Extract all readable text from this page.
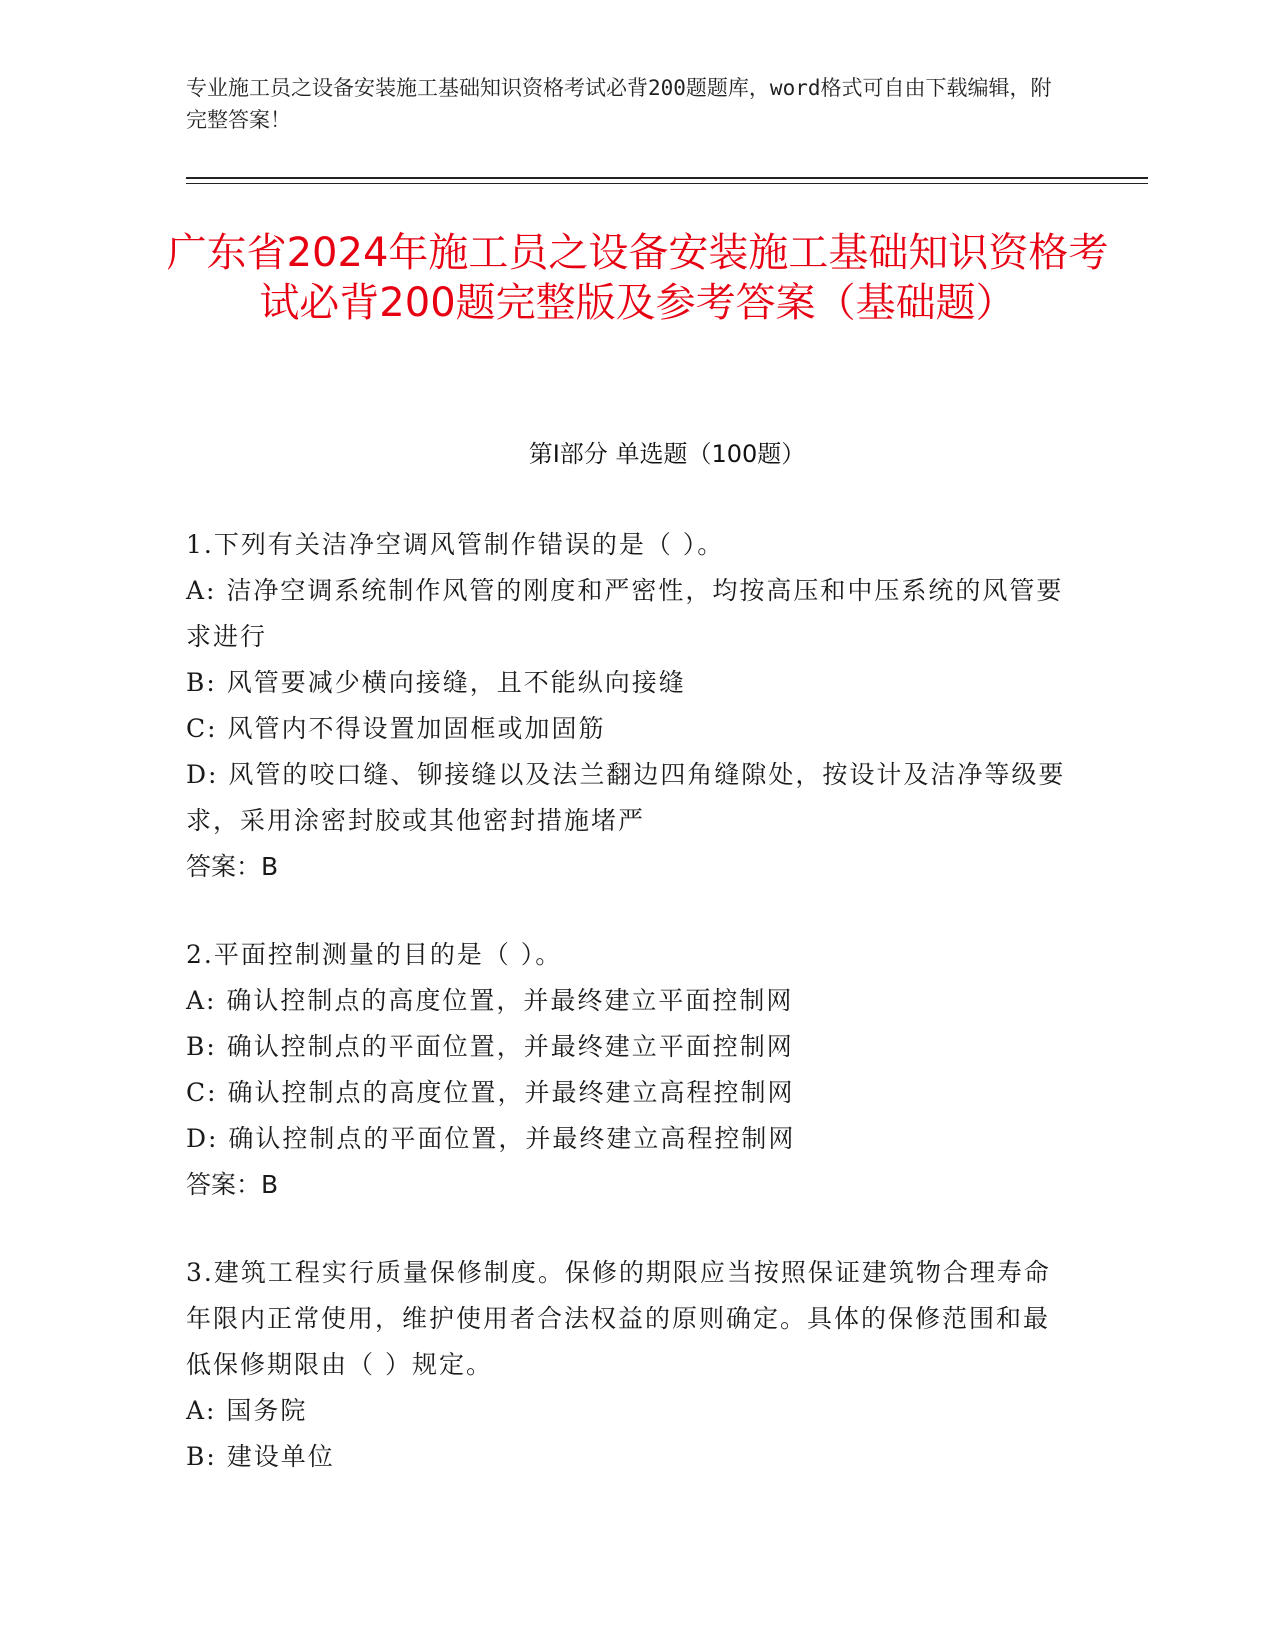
专业施工员之设备安装施工基础知识资格考试必背200题题库，word格式可自由下载编辑，附完整答案！
广东省2024年施工员之设备安装施工基础知识资格考试必背200题完整版及参考答案（基础题）
第I部分 单选题（100题）

1.下列有关洁净空调风管制作错误的是（ ）。

A: 洁净空调系统制作风管的刚度和严密性，均按高压和中压系统的风管要求进行

B: 风管要减少横向接缝，且不能纵向接缝

C: 风管内不得设置加固框或加固筋

D: 风管的咬口缝、铆接缝以及法兰翻边四角缝隙处，按设计及洁净等级要求，采用涂密封胶或其他密封措施堵严

答案：B

2.平面控制测量的目的是（ ）。

A: 确认控制点的高度位置，并最终建立平面控制网

B: 确认控制点的平面位置，并最终建立平面控制网

C: 确认控制点的高度位置，并最终建立高程控制网

D: 确认控制点的平面位置，并最终建立高程控制网

答案：B

3.建筑工程实行质量保修制度。保修的期限应当按照保证建筑物合理寿命年限内正常使用，维护使用者合法权益的原则确定。具体的保修范围和最低保修期限由（ ）规定。

A: 国务院

B: 建设单位
